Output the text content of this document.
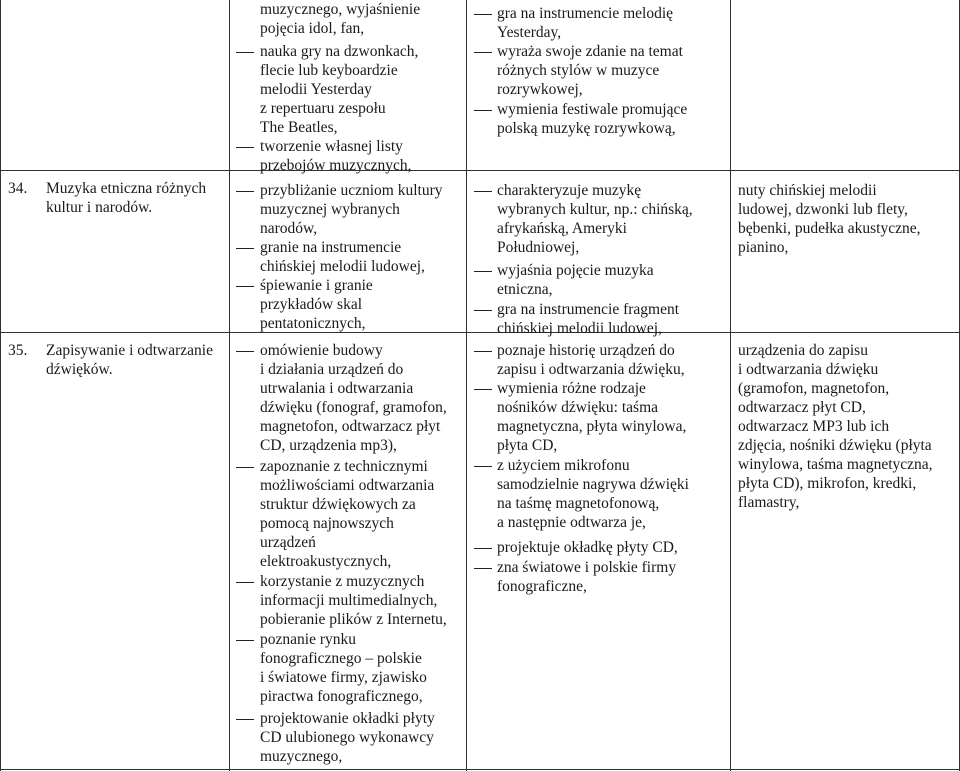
34. Muzyka etniczna różnych
kultur i narodów.
35. Zapisywanie i odtwarzanie
dźwięków.
muzycznego, wyjaśnienie
pojęcia idol, fan,
nauka gry na dzwonkach,
flecie lub keyboardzie
melodii Yesterday
z repertuaru zespołu
The Beatles,
tworzenie własnej listy
przebojów muzycznych,
przybliżanie uczniom kultury
muzycznej wybranych
narodów,
granie na instrumencie
chińskiej melodii ludowej,
śpiewanie i granie
przykładów skal
pentatonicznych,
omówienie budowy
i działania urządzeń do
utrwalania i odtwarzania
dźwięku (fonograf, gramofon,
magnetofon, odtwarzacz płyt
CD, urządzenia mp3),
zapoznanie z technicznymi
możliwościami odtwarzania
struktur dźwiękowych za
pomocą najnowszych
urządzeń
elektroakustycznych,
korzystanie z muzycznych
informacji multimedialnych,
pobieranie plików z Internetu,
poznanie rynku
fonograficznego – polskie
i światowe firmy, zjawisko
piractwa fonograficznego,
projektowanie okładki płyty
CD ulubionego wykonawcy
muzycznego,
gra na instrumencie melodię
Yesterday,
wyraża swoje zdanie na temat
różnych stylów w muzyce
rozrywkowej,
wymienia festiwale promujące
polską muzykę rozrywkową,
charakteryzuje muzykę
wybranych kultur, np.: chińską,
afrykańską, Ameryki
Południowej,
wyjaśnia pojęcie muzyka
etniczna,
gra na instrumencie fragment
chińskiej melodii ludowej,
poznaje historię urządzeń do
zapisu i odtwarzania dźwięku,
wymienia różne rodzaje
nośników dźwięku: taśma
magnetyczna, płyta winylowa,
płyta CD,
z użyciem mikrofonu
samodzielnie nagrywa dźwięki
na taśmę magnetofonową,
a następnie odtwarza je,
projektuje okładkę płyty CD,
zna światowe i polskie firmy
fonograficzne,
nuty chińskiej melodii
ludowej, dzwonki lub flety,
bębenki, pudełka akustyczne,
pianino,
urządzenia do zapisu
i odtwarzania dźwięku
(gramofon, magnetofon,
odtwarzacz płyt CD,
odtwarzacz MP3 lub ich
zdjęcia, nośniki dźwięku (płyta
winylowa, taśma magnetyczna,
płyta CD), mikrofon, kredki,
flamastry,
